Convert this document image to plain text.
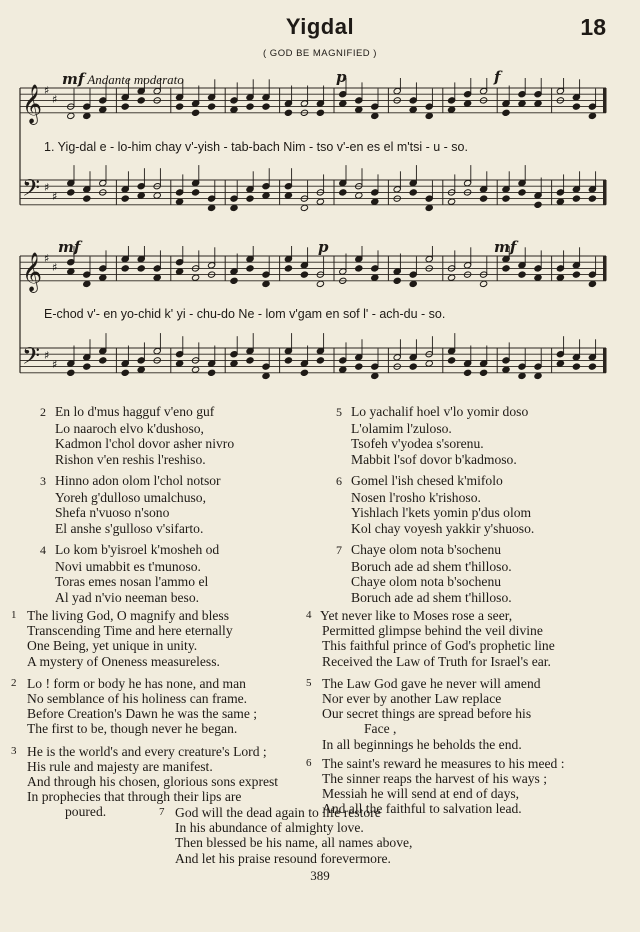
Yigdal	18
( GOD BE MAGNIFIED )
mf Andante moderato	p	f
𝄞
𝄢
♯
♯
♯
♯
1. Yig-dal e - lo-him chay v'-yish - tab-bach Nim - tso v'-en es el m'tsi - u - so.
mf	p	mf
𝄞
𝄢
♯
♯
♯
♯
E-chod v'- en yo-chid k' yi - chu-do Ne - lom v'gam en sof l' - ach-du - so.
2 En lo d'mus hagguf v'eno guf
Lo naaroch elvo k'dushoso,
Kadmon l'chol dovor asher nivro
Rishon v'en reshis l'reshiso.
3 Hinno adon olom l'chol notsor
Yoreh g'dulloso umalchuso,
Shefa n'vuoso n'sono
El anshe s'gulloso v'sifarto.
4 Lo kom b'yisroel k'mosheh od
Novi umabbit es t'munoso.
Toras emes nosan l'ammo el
Al yad n'vio neeman beso.
5 Lo yachalif hoel v'lo yomir doso
L'olamim l'zuloso.
Tsofeh v'yodea s'sorenu.
Mabbit l'sof dovor b'kadmoso.
6 Gomel l'ish chesed k'mifolo
Nosen l'rosho k'rishoso.
Yishlach l'kets yomin p'dus olom
Kol chay voyesh yakkir y'shuoso.
7 Chaye olom nota b'sochenu
Boruch ade ad shem t'hilloso.
Chaye olom nota b'sochenu
Boruch ade ad shem t'hilloso.
1 The living God, O magnify and bless
Transcending Time and here eternally
One Being, yet unique in unity.
A mystery of Oneness measureless.
2 Lo ! form or body he has none, and man
No semblance of his holiness can frame.
Before Creation's Dawn he was the same ;
The first to be, though never he began.
3 He is the world's and every creature's Lord ;
His rule and majesty are manifest.
And through his chosen, glorious sons exprest
In prophecies that through their lips are
poured.
4 Yet never like to Moses rose a seer,
Permitted glimpse behind the veil divine
This faithful prince of God's prophetic line
Received the Law of Truth for Israel's ear.
5 The Law God gave he never will amend
Nor ever by another Law replace
Our secret things are spread before his
Face ,
In all beginnings he beholds the end.
6 The saint's reward he measures to his meed :
The sinner reaps the harvest of his ways ;
Messiah he will send at end of days,
And all the faithful to salvation lead.
7 God will the dead again to life restore
In his abundance of almighty love.
Then blessed be his name, all names above,
And let his praise resound forevermore.
389
